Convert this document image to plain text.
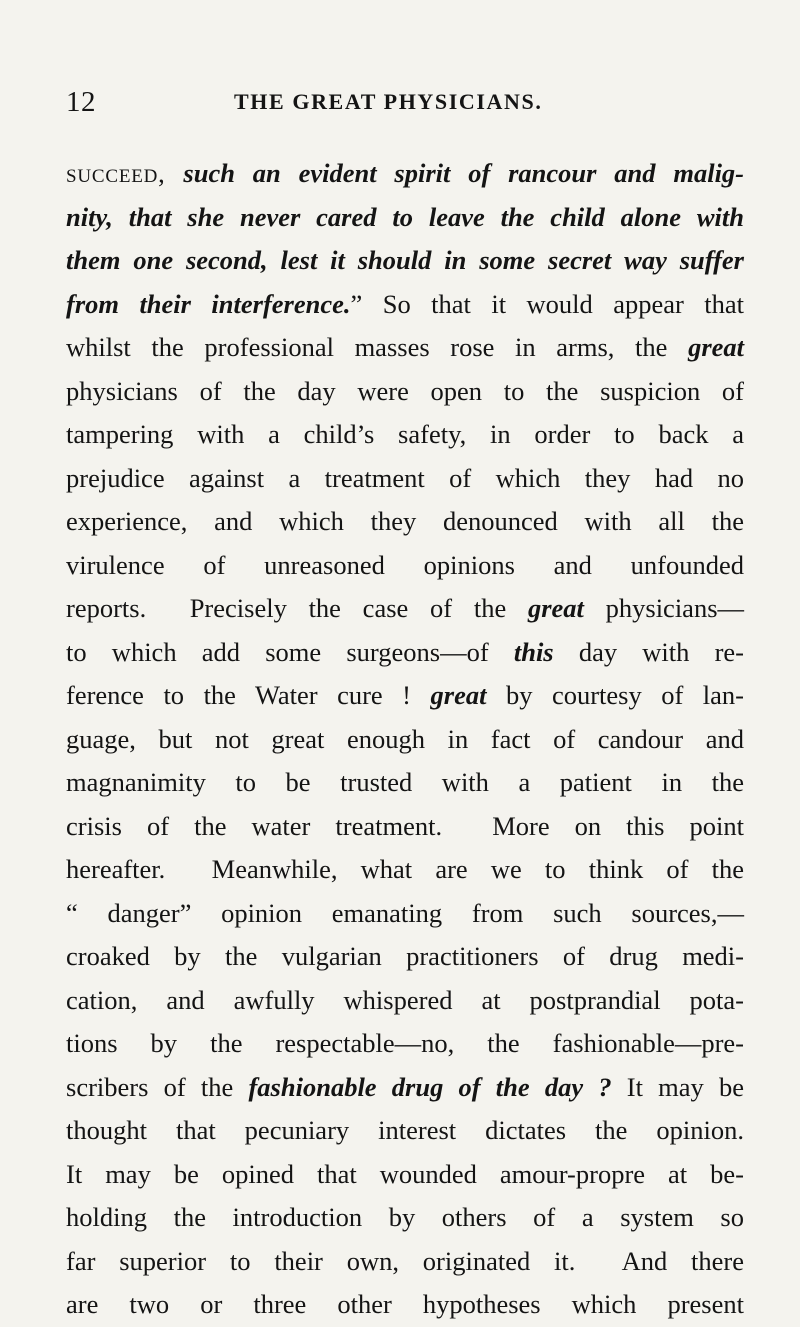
12	THE GREAT PHYSICIANS.
succeed, such an evident spirit of rancour and malig-
nity, that she never cared to leave the child alone with
them one second, lest it should in some secret way suffer
from their interference.” So that it would appear that
whilst the professional masses rose in arms, the great
physicians of the day were open to the suspicion of
tampering with a child’s safety, in order to back a
prejudice against a treatment of which they had no
experience, and which they denounced with all the
virulence of unreasoned opinions and unfounded
reports.  Precisely the case of the great physicians—
to which add some surgeons—of this day with re-
ference to the Water cure ! great by courtesy of lan-
guage, but not great enough in fact of candour and
magnanimity to be trusted with a patient in the
crisis of the water treatment.  More on this point
hereafter.  Meanwhile, what are we to think of the
“ danger” opinion emanating from such sources,—
croaked by the vulgarian practitioners of drug medi-
cation, and awfully whispered at postprandial pota-
tions by the respectable—no, the fashionable—pre-
scribers of the fashionable drug of the day ? It may be
thought that pecuniary interest dictates the opinion.
It may be opined that wounded amour-propre at be-
holding the introduction by others of a system so
far superior to their own, originated it.  And there
are two or three other hypotheses which present
